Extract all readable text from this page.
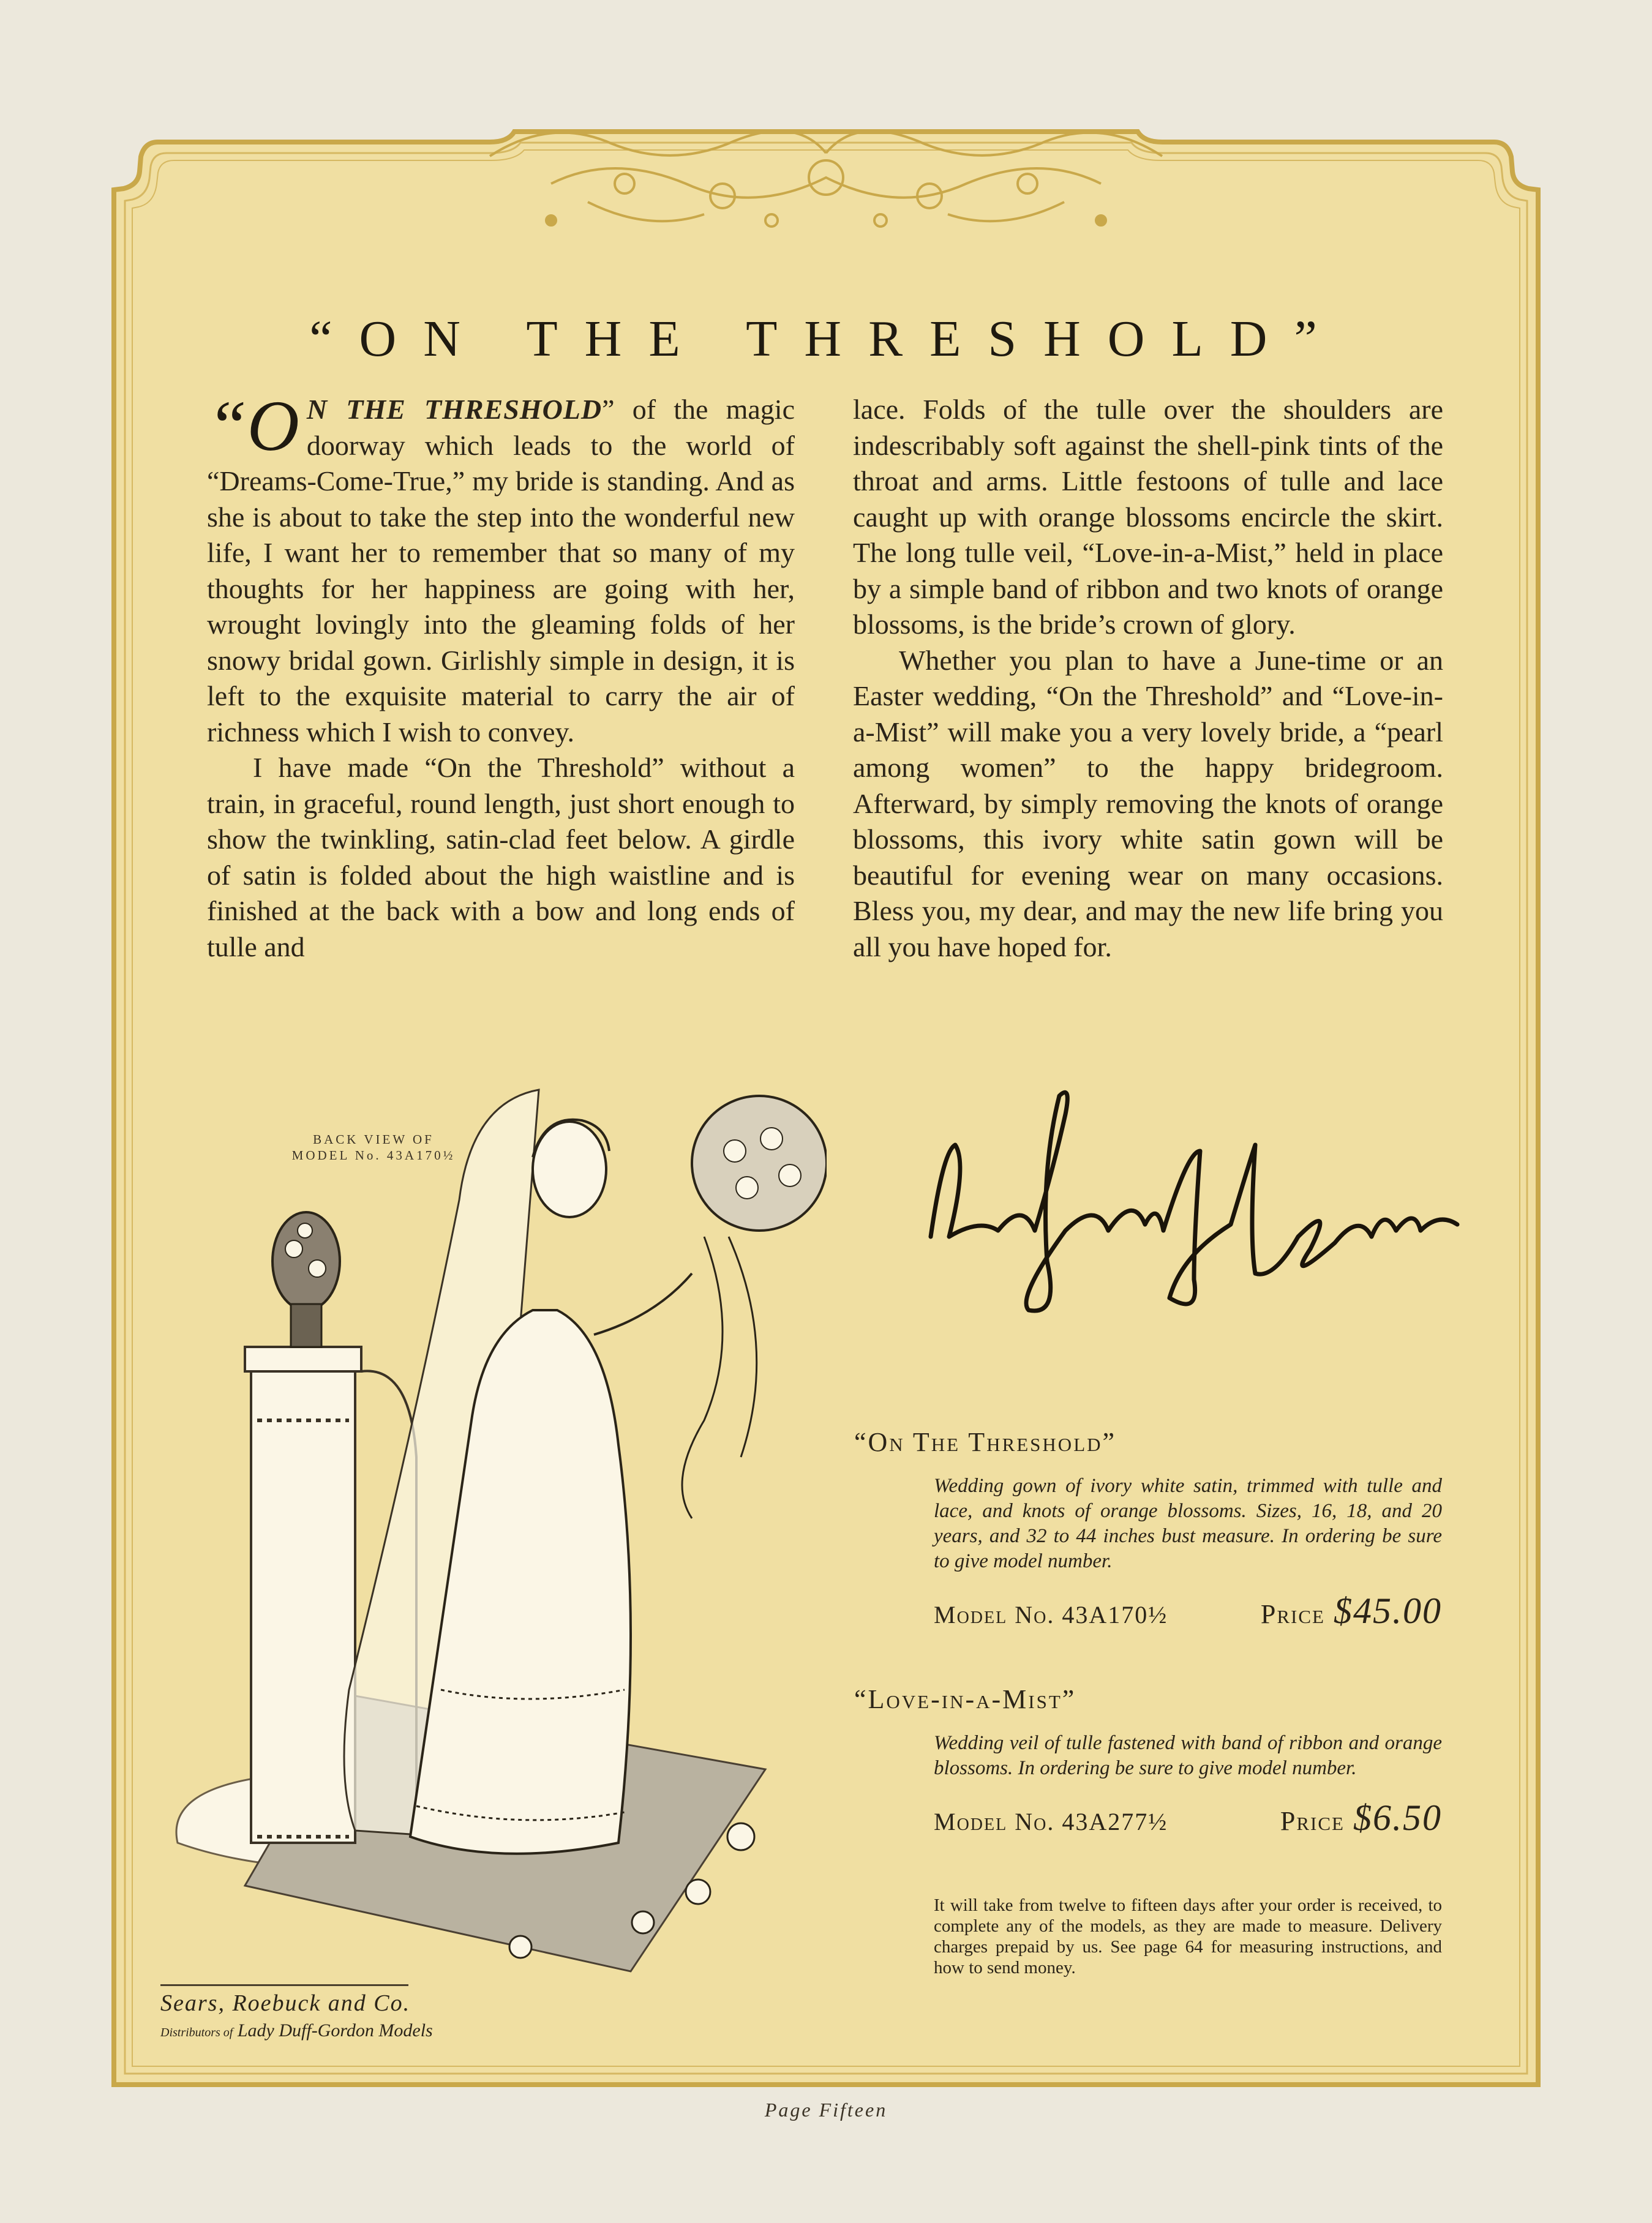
“ON THE THRESHOLD”

“O N THE THRESHOLD” of the magic doorway which leads to the world of “Dreams-Come-True,” my bride is standing. And as she is about to take the step into the wonderful new life, I want her to remember that so many of my thoughts for her happiness are going with her, wrought lovingly into the gleaming folds of her snowy bridal gown. Girlishly simple in design, it is left to the exquisite material to carry the air of richness which I wish to convey.

I have made “On the Threshold” without a train, in graceful, round length, just short enough to show the twinkling, satin-clad feet below. A girdle of satin is folded about the high waistline and is finished at the back with a bow and long ends of tulle and

lace. Folds of the tulle over the shoulders are indescribably soft against the shell-pink tints of the throat and arms. Little festoons of tulle and lace caught up with orange blossoms encircle the skirt. The long tulle veil, “Love-in-a-Mist,” held in place by a simple band of ribbon and two knots of orange blossoms, is the bride’s crown of glory.

Whether you plan to have a June-time or an Easter wedding, “On the Threshold” and “Love-in-a-Mist” will make you a very lovely bride, a “pearl among women” to the happy bridegroom. Afterward, by simply removing the knots of orange blossoms, this ivory white satin gown will be beautiful for evening wear on many occasions. Bless you, my dear, and may the new life bring you all you have hoped for.

BACK VIEW OF
MODEL No. 43A170½
“On The Threshold”
Wedding gown of ivory white satin, trimmed with tulle and lace, and knots of orange blossoms. Sizes, 16, 18, and 20 years, and 32 to 44 inches bust measure. In ordering be sure to give model number.
Model No. 43A170½	Price $45.00
“Love-in-a-Mist”
Wedding veil of tulle fastened with band of ribbon and orange blossoms. In ordering be sure to give model number.
Model No. 43A277½	Price $6.50
It will take from twelve to fifteen days after your order is received, to complete any of the models, as they are made to measure. Delivery charges prepaid by us. See page 64 for measuring instructions, and how to send money.
Sears, Roebuck and Co.
Distributors of Lady Duff-Gordon Models
Page Fifteen
